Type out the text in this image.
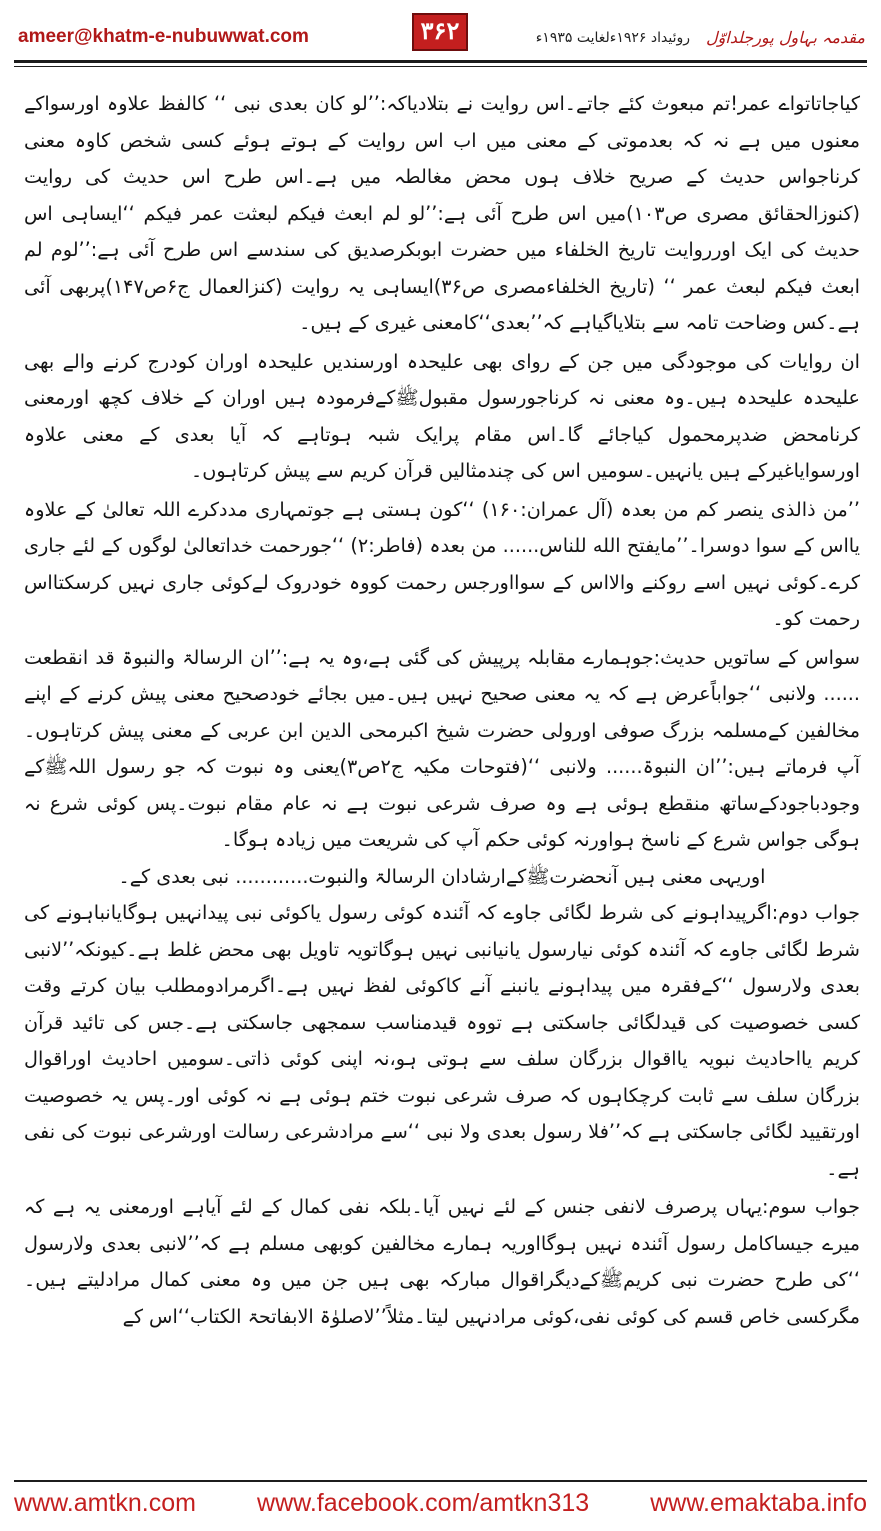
ameer@khatm-e-nubuwwat.com	۳۶۲	روئیداد ۱۹۲۶ءلغایت ۱۹۳۵ء مقدمہ بہاول پورجلداوّل

کیاجاتاتواے عمر!تم مبعوث کئے جاتے۔اس روایت نے بتلادیاکہ:’’لو کان بعدی نبی ‘‘ کالفظ علاوہ اورسواکے معنوں میں ہے نہ کہ بعدموتی کے معنی میں اب اس روایت کے ہوتے ہوئے کسی شخص کاوہ معنی کرناجواس حدیث کے صریح خلاف ہوں محض مغالطہ میں ہے۔اس طرح اس حدیث کی روایت (کنوزالحقائق مصری ص۱۰۳)میں اس طرح آئی ہے:’’لو لم ابعث فیکم لبعثت عمر فیکم ‘‘ایساہی اس حدیث کی ایک اورروایت تاریخ الخلفاء میں حضرت ابوبکرصدیق کی سندسے اس طرح آئی ہے:’’لوم لم ابعث فیکم لبعث عمر ‘‘ (تاریخ الخلفاءمصری ص۳۶)ایساہی یہ روایت (کنزالعمال ج۶ص۱۴۷)پربھی آئی ہے۔کس وضاحت تامہ سے بتلایاگیاہے کہ’’بعدی‘‘کامعنی غیری کے ہیں۔

ان روایات کی موجودگی میں جن کے روای بھی علیحدہ اورسندیں علیحدہ اوران کودرج کرنے والے بھی علیحدہ علیحدہ ہیں۔وہ معنی نہ کرناجورسول مقبولﷺکےفرمودہ ہیں اوران کے خلاف کچھ اورمعنی کرنامحض ضدپرمحمول کیاجائے گا۔اس مقام پرایک شبہ ہوتاہے کہ آیا بعدی کے معنی علاوہ اورسوایاغیرکے ہیں یانہیں۔سومیں اس کی چندمثالیں قرآن کریم سے پیش کرتاہوں۔

’’من ذالذی ینصر کم من بعدہ (آل عمران:۱۶۰) ‘‘کون ہستی ہے جوتمہاری مددکرے اللہ تعالیٰ کے علاوہ یااس کے سوا دوسرا۔’’مایفتح الله للناس...... من بعدہ (فاطر:۲) ‘‘جورحمت خداتعالیٰ لوگوں کے لئے جاری کرے۔کوئی نہیں اسے روکنے والااس کے سوااورجس رحمت کووہ خودروک لےکوئی جاری نہیں کرسکتااس رحمت کو۔

سواس کے ساتویں حدیث:جوہمارے مقابلہ پرپیش کی گئی ہے،وہ یہ ہے:’’ان الرسالۃ والنبوۃ قد انقطعت ...... ولانبی ‘‘جواباًعرض ہے کہ یہ معنی صحیح نہیں ہیں۔میں بجائے خودصحیح معنی پیش کرنے کے اپنے مخالفین کےمسلمہ بزرگ صوفی اورولی حضرت شیخ اکبرمحی الدین ابن عربی کے معنی پیش کرتاہوں۔آپ فرماتے ہیں:’’ان النبوۃ...... ولانبی ‘‘(فتوحات مکیہ ج۲ص۳)یعنی وہ نبوت کہ جو رسول اللہﷺکے وجودباجودکےساتھ منقطع ہوئی ہے وہ صرف شرعی نبوت ہے نہ عام مقام نبوت۔پس کوئی شرع نہ ہوگی جواس شرع کے ناسخ ہواورنہ کوئی حکم آپ کی شریعت میں زیادہ ہوگا۔

اوریہی معنی ہیں آنحضرتﷺکےارشادان الرسالۃ والنبوت............ نبی بعدی کے۔

جواب دوم:اگرپیداہونے کی شرط لگائی جاوے کہ آئندہ کوئی رسول یاکوئی نبی پیدانہیں ہوگایانباہونے کی شرط لگائی جاوے کہ آئندہ کوئی نیارسول یانیانبی نہیں ہوگاتویہ تاویل بھی محض غلط ہے۔کیونکہ’’لانبی بعدی ولارسول ‘‘کےفقرہ میں پیداہونے یانبنے آنے کاکوئی لفظ نہیں ہے۔اگرمرادومطلب بیان کرتے وقت کسی خصوصیت کی قیدلگائی جاسکتی ہے تووہ قیدمناسب سمجھی جاسکتی ہے۔جس کی تائید قرآن کریم یااحادیث نبویہ یااقوال بزرگان سلف سے ہوتی ہو،نہ اپنی کوئی ذاتی۔سومیں احادیث اوراقوال بزرگان سلف سے ثابت کرچکاہوں کہ صرف شرعی نبوت ختم ہوئی ہے نہ کوئی اور۔پس یہ خصوصیت اورتقیید لگائی جاسکتی ہے کہ’’فلا رسول بعدی ولا نبی ‘‘سے مرادشرعی رسالت اورشرعی نبوت کی نفی ہے۔

جواب سوم:یہاں پرصرف لانفی جنس کے لئے نہیں آیا۔بلکہ نفی کمال کے لئے آیاہے اورمعنی یہ ہے کہ میرے جیساکامل رسول آئندہ نہیں ہوگااوریہ ہمارے مخالفین کوبھی مسلم ہے کہ’’لانبی بعدی ولارسول ‘‘کی طرح حضرت نبی کریمﷺکےدیگراقوال مبارکہ بھی ہیں جن میں وہ معنی کمال مرادلیتے ہیں۔مگرکسی خاص قسم کی کوئی نفی،کوئی مرادنہیں لیتا۔مثلاً’’لاصلوٰۃ الابفاتحۃ الکتاب‘‘اس کے

www.amtkn.com www.facebook.com/amtkn313 www.emaktaba.info
